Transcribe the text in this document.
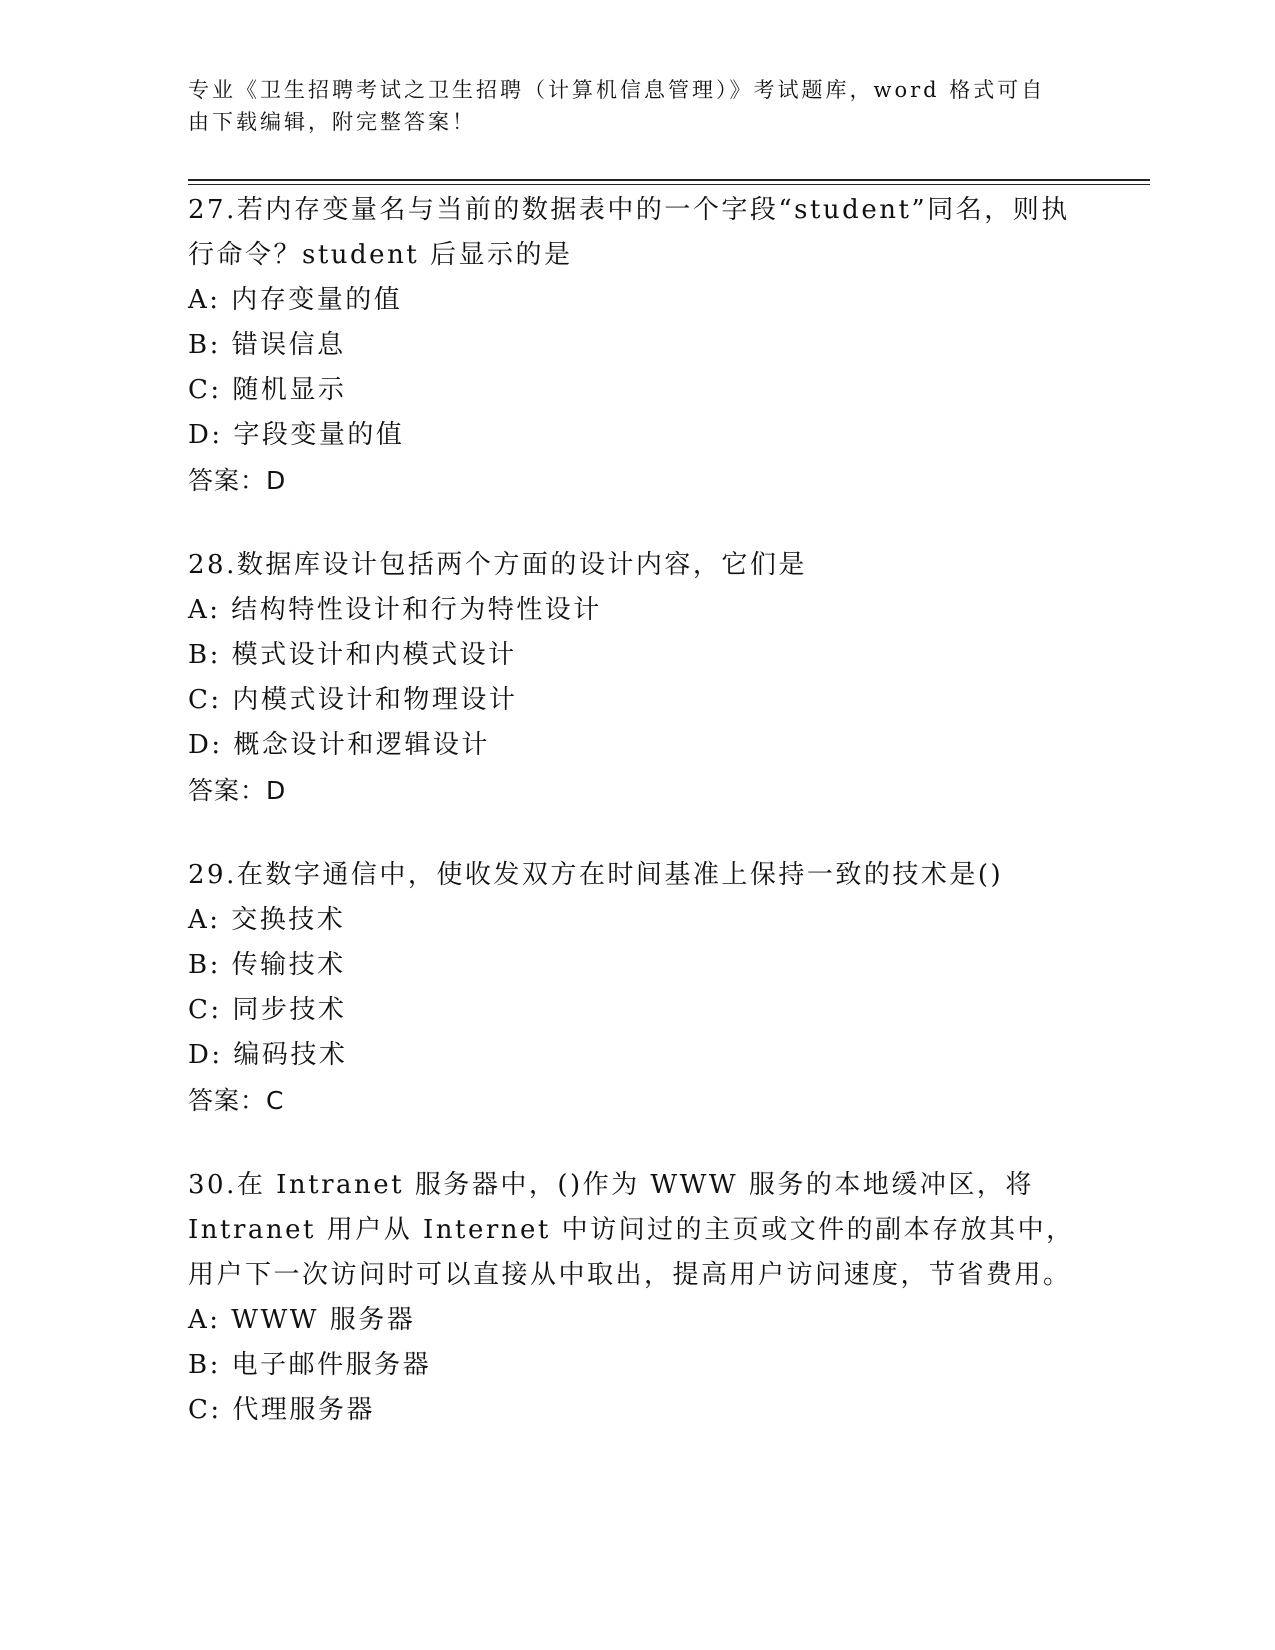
专业《卫生招聘考试之卫生招聘（计算机信息管理）》考试题库，word 格式可自由下载编辑，附完整答案！
27.若内存变量名与当前的数据表中的一个字段“student”同名，则执行命令？student 后显示的是
A: 内存变量的值
B: 错误信息
C: 随机显示
D: 字段变量的值
答案：D
28.数据库设计包括两个方面的设计内容，它们是
A: 结构特性设计和行为特性设计
B: 模式设计和内模式设计
C: 内模式设计和物理设计
D: 概念设计和逻辑设计
答案：D
29.在数字通信中，使收发双方在时间基准上保持一致的技术是()
A: 交换技术
B: 传输技术
C: 同步技术
D: 编码技术
答案：C
30.在 Intranet 服务器中，()作为 WWW 服务的本地缓冲区，将 Intranet 用户从 Internet 中访问过的主页或文件的副本存放其中，用户下一次访问时可以直接从中取出，提高用户访问速度，节省费用。
A: WWW 服务器
B: 电子邮件服务器
C: 代理服务器
